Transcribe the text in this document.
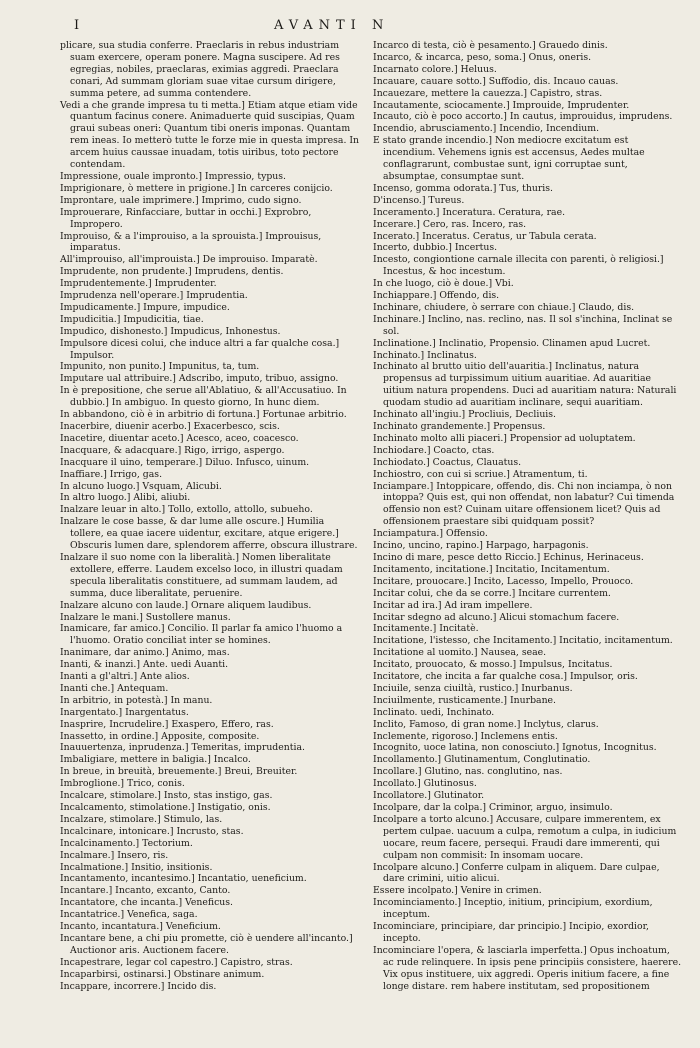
I	AVANTI N

plicare, sua studia conferre. Praeclaris in rebus industriam suam exercere, operam ponere. Magna suscipere. Ad res egregias, nobiles, praeclaras, eximias aggredi. Praeclara conari, Ad summam gloriam suae vitae cursum dirigere, summa petere, ad summa contendere.

Vedi a che grande impresa tu ti metta.] Etiam atque etiam vide quantum facinus conere. Animaduerte quid suscipias, Quam graui subeas oneri: Quantum tibi oneris imponas. Quantam rem ineas. Io metterò tutte le forze mie in questa impresa. In arcem huius caussae inuadam, totis uiribus, toto pectore contendam.

Impressione, ouale impronto.] Impressio, typus.

Imprigionare, ò mettere in prigione.] In carceres conijcio.

Improntare, uale imprimere.] Imprimo, cudo signo.

Improuerare, Rinfacciare, buttar in occhi.] Exprobro, Impropero.

Improuiso, & a l'improuiso, a la sprouista.] Improuisus, imparatus.

All'improuiso, all'improuista.] De improuiso. Imparatè.

Imprudente, non prudente.] Imprudens, dentis.

Imprudentemente.] Imprudenter.

Imprudenza nell'operare.] Imprudentia.

Impudicamente.] Impure, impudice.

Impudicitia.] Impudicitia, tiae.

Impudico, dishonesto.] Impudicus, Inhonestus.

Impulsore dicesi colui, che induce altri a far qualche cosa.] Impulsor.

Impunito, non punito.] Impunitus, ta, tum.

Imputare ual attribuire.] Adscribo, imputo, tribuo, assigno.

In è prepositione, che serue all'Ablatiuo, & all'Accusatiuo. In dubbio.] In ambiguo. In questo giorno, In hunc diem.

In abbandono, ciò è in arbitrio di fortuna.] Fortunae arbitrio.

Inacerbire, diuenir acerbo.] Exacerbesco, scis.

Inacetire, diuentar aceto.] Acesco, aceo, coacesco.

Inacquare, & adacquare.] Rigo, irrigo, aspergo.

Inacquare il uino, temperare.] Diluo. Infusco, uinum.

Inaffiare.] Irrigo, gas.

In alcuno luogo.] Vsquam, Alicubi.

In altro luogo.] Alibi, aliubi.

Inalzare leuar in alto.] Tollo, extollo, attollo, subueho.

Inalzare le cose basse, & dar lume alle oscure.] Humilia tollere, ea quae iacere uidentur, excitare, atque erigere.] Obscuris lumen dare, splendorem afferre, obscura illustrare.

Inalzare il suo nome con la liberalità.] Nomen liberalitate extollere, efferre. Laudem excelso loco, in illustri quadam specula liberalitatis constituere, ad summam laudem, ad summa, duce liberalitate, peruenire.

Inalzare alcuno con laude.] Ornare aliquem laudibus.

Inalzare le mani.] Sustollere manus.

Inamicare, far amico.] Concilio. Il parlar fa amico l'huomo a l'huomo. Oratio conciliat inter se homines.

Inanimare, dar animo.] Animo, mas.

Inanti, & inanzi.] Ante. uedi Auanti.

Inanti a gl'altri.] Ante alios.

Inanti che.] Antequam.

In arbitrio, in potestà.] In manu.

Inargentato.] Inargentatus.

Inasprire, Incrudelire.] Exaspero, Effero, ras.

Inassetto, in ordine.] Apposite, composite.

Inauuertenza, inprudenza.] Temeritas, imprudentia.

Imbaligiare, mettere in baligia.] Incalco.

In breue, in breuità, breuemente.] Breui, Breuiter.

Imbroglione.] Trico, conis.

Incalcare, stimolare.] Insto, stas instigo, gas.

Incalcamento, stimolatione.] Instigatio, onis.

Incalzare, stimolare.] Stimulo, las.

Incalcinare, intonicare.] Incrusto, stas.

Incalcinamento.] Tectorium.

Incalmare.] Insero, ris.

Incalmatione.] Insitio, insitionis.

Incantamento, incantesimo.] Incantatio, ueneficium.

Incantare.] Incanto, excanto, Canto.

Incantatore, che incanta.] Veneficus.

Incantatrice.] Venefica, saga.

Incanto, incantatura.] Veneficium.

Incantare bene, a chi piu promette, ciò è uendere all'incanto.] Auctionor aris. Auctionem facere.

Incapestrare, legar col capestro.] Capistro, stras.

Incaparbirsi, ostinarsi.] Obstinare animum.

Incappare, incorrere.] Incido dis.

Incarco di testa, ciò è pesamento.] Grauedo dinis.

Incarco, & incarca, peso, soma.] Onus, oneris.

Incarnato colore.] Heluus.

Incauare, cauare sotto.] Suffodio, dis. Incauo cauas.

Incauezare, mettere la cauezza.] Capistro, stras.

Incautamente, sciocamente.] Improuide, Imprudenter.

Incauto, ciò è poco accorto.] In cautus, improuidus, imprudens.

Incendio, abrusciamento.] Incendio, Incendium.

E stato grande incendio.] Non mediocre excitatum est incendium. Vehemens ignis est accensus, Aedes multae conflagrarunt, combustae sunt, igni corruptae sunt, absumptae, consumptae sunt.

Incenso, gomma odorata.] Tus, thuris.

D'incenso.] Tureus.

Inceramento.] Inceratura. Ceratura, rae.

Incerare.] Cero, ras. Incero, ras.

Incerato.] Inceratus. Ceratus, ur Tabula cerata.

Incerto, dubbio.] Incertus.

Incesto, congiontione carnale illecita con parenti, ò religiosi.] Incestus, & hoc incestum.

In che luogo, ciò è doue.] Vbi.

Inchiappare.] Offendo, dis.

Inchinare, chiudere, ò serrare con chiaue.] Claudo, dis.

Inchinare.] Inclino, nas. reclino, nas. Il sol s'inchina, Inclinat se sol.

Inclinatione.] Inclinatio, Propensio. Clinamen apud Lucret.

Inchinato.] Inclinatus.

Inchinato al brutto uitio dell'auaritia.] Inclinatus, natura propensus ad turpissimum uitium auaritiae. Ad auaritiae uitium natura propendens. Duci ad auaritiam natura: Naturali quodam studio ad auaritiam inclinare, sequi auaritiam.

Inchinato all'ingiu.] Procliuis, Decliuis.

Inchinato grandemente.] Propensus.

Inchinato molto alli piaceri.] Propensior ad uoluptatem.

Inchiodare.] Coacto, ctas.

Inchiodato.] Coactus, Clauatus.

Inchiostro, con cui si scriue.] Atramentum, ti.

Inciampare.] Intoppicare, offendo, dis. Chi non inciampa, ò non intoppa? Quis est, qui non offendat, non labatur? Cui timenda offensio non est? Cuinam uitare offensionem licet? Quis ad offensionem praestare sibi quidquam possit?

Inciampatura.] Offensio.

Incino, uncino, rapino.] Harpago, harpagonis.

Incino di mare, pesce detto Riccio.] Echinus, Herinaceus.

Incitamento, incitatione.] Incitatio, Incitamentum.

Incitare, prouocare.] Incito, Lacesso, Impello, Prouoco.

Incitar colui, che da se corre.] Incitare currentem.

Incitar ad ira.] Ad iram impellere.

Incitar sdegno ad alcuno.] Alicui stomachum facere.

Incitamente.] Incitatè.

Incitatione, l'istesso, che Incitamento.] Incitatio, incitamentum.

Incitatione al uomito.] Nausea, seae.

Incitato, prouocato, & mosso.] Impulsus, Incitatus.

Incitatore, che incita a far qualche cosa.] Impulsor, oris.

Inciuile, senza ciuiltà, rustico.] Inurbanus.

Inciuilmente, rusticamente.] Inurbane.

Inclinato. uedi, Inchinato.

Inclito, Famoso, di gran nome.] Inclytus, clarus.

Inclemente, rigoroso.] Inclemens entis.

Incognito, uoce latina, non conosciuto.] Ignotus, Incognitus.

Incollamento.] Glutinamentum, Conglutinatio.

Incollare.] Glutino, nas. conglutino, nas.

Incollato.] Glutinosus.

Incollatore.] Glutinator.

Incolpare, dar la colpa.] Criminor, arguo, insimulo.

Incolpare a torto alcuno.] Accusare, culpare immerentem, ex pertem culpae. uacuum a culpa, remotum a culpa, in iudicium uocare, reum facere, persequi. Fraudi dare immerenti, qui culpam non commisit: In insomam uocare.

Incolpare alcuno.] Conferre culpam in aliquem. Dare culpae, dare crimini, uitio alicui.

Essere incolpato.] Venire in crimen.

Incominciamento.] Inceptio, initium, principium, exordium, inceptum.

Incominciare, principiare, dar principio.] Incipio, exordior, incepto.

Incominciare l'opera, & lasciarla imperfetta.] Opus inchoatum, ac rude relinquere. In ipsis pene principiis consistere, haerere. Vix opus instituere, uix aggredi. Operis initium facere, a fine longe distare. rem habere institutam, sed propositionem
